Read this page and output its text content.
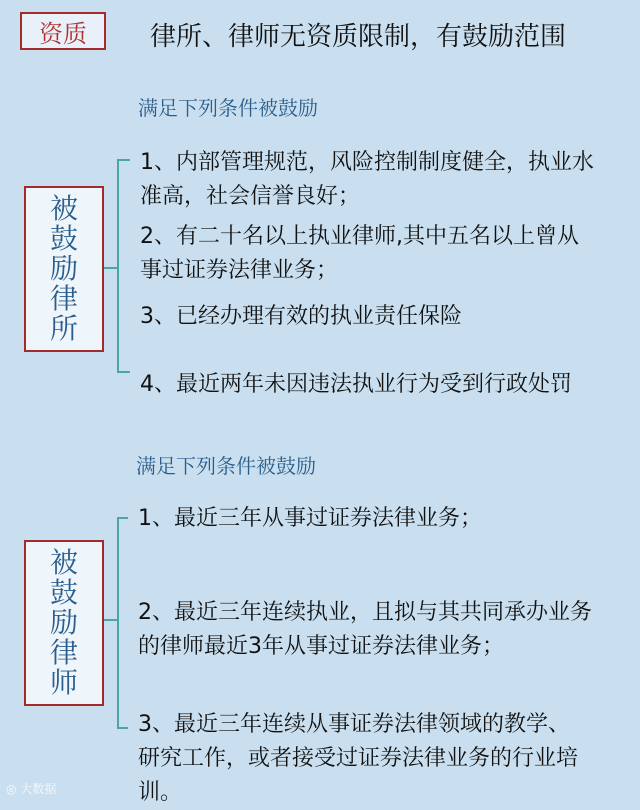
资质 律所、律师无资质限制，有鼓励范围
满足下列条件被鼓励
被
鼓
励
律
所
1、内部管理规范，风险控制制度健全，执业水
准高，社会信誉良好；
2、有二十名以上执业律师,其中五名以上曾从
事过证券法律业务；
3、已经办理有效的执业责任保险
4、最近两年未因违法执业行为受到行政处罚
满足下列条件被鼓励
被
鼓
励
律
师
1、最近三年从事过证券法律业务；
2、最近三年连续执业，且拟与其共同承办业务
的律师最近3年从事过证券法律业务；
3、最近三年连续从事证券法律领域的教学、
研究工作，或者接受过证券法律业务的行业培
训。
◎ 大数据
